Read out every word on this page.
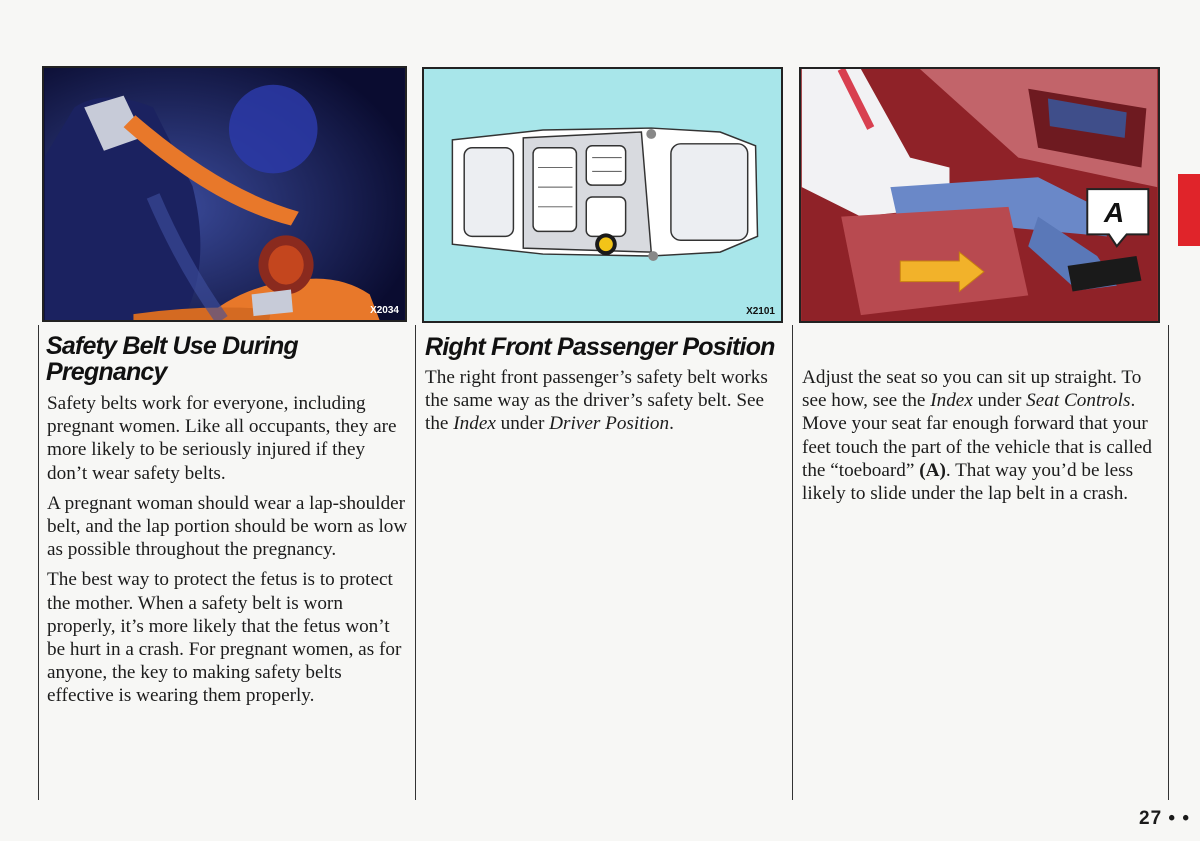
X2034	X2101
A
Safety Belt Use During Pregnancy

Safety belts work for everyone, including pregnant women. Like all occupants, they are more likely to be seriously injured if they don’t wear safety belts.

A pregnant woman should wear a lap-shoulder belt, and the lap portion should be worn as low as possible throughout the pregnancy.

The best way to protect the fetus is to protect the mother. When a safety belt is worn properly, it’s more likely that the fetus won’t be hurt in a crash. For pregnant women, as for anyone, the key to making safety belts effective is wearing them properly.

Right Front Passenger Position

The right front passenger’s safety belt works the same way as the driver’s safety belt. See the Index under Driver Position.

Adjust the seat so you can sit up straight. To see how, see the Index under Seat Controls. Move your seat far enough forward that your feet touch the part of the vehicle that is called the “toeboard” (A). That way you’d be less likely to slide under the lap belt in a crash.

27 • •
